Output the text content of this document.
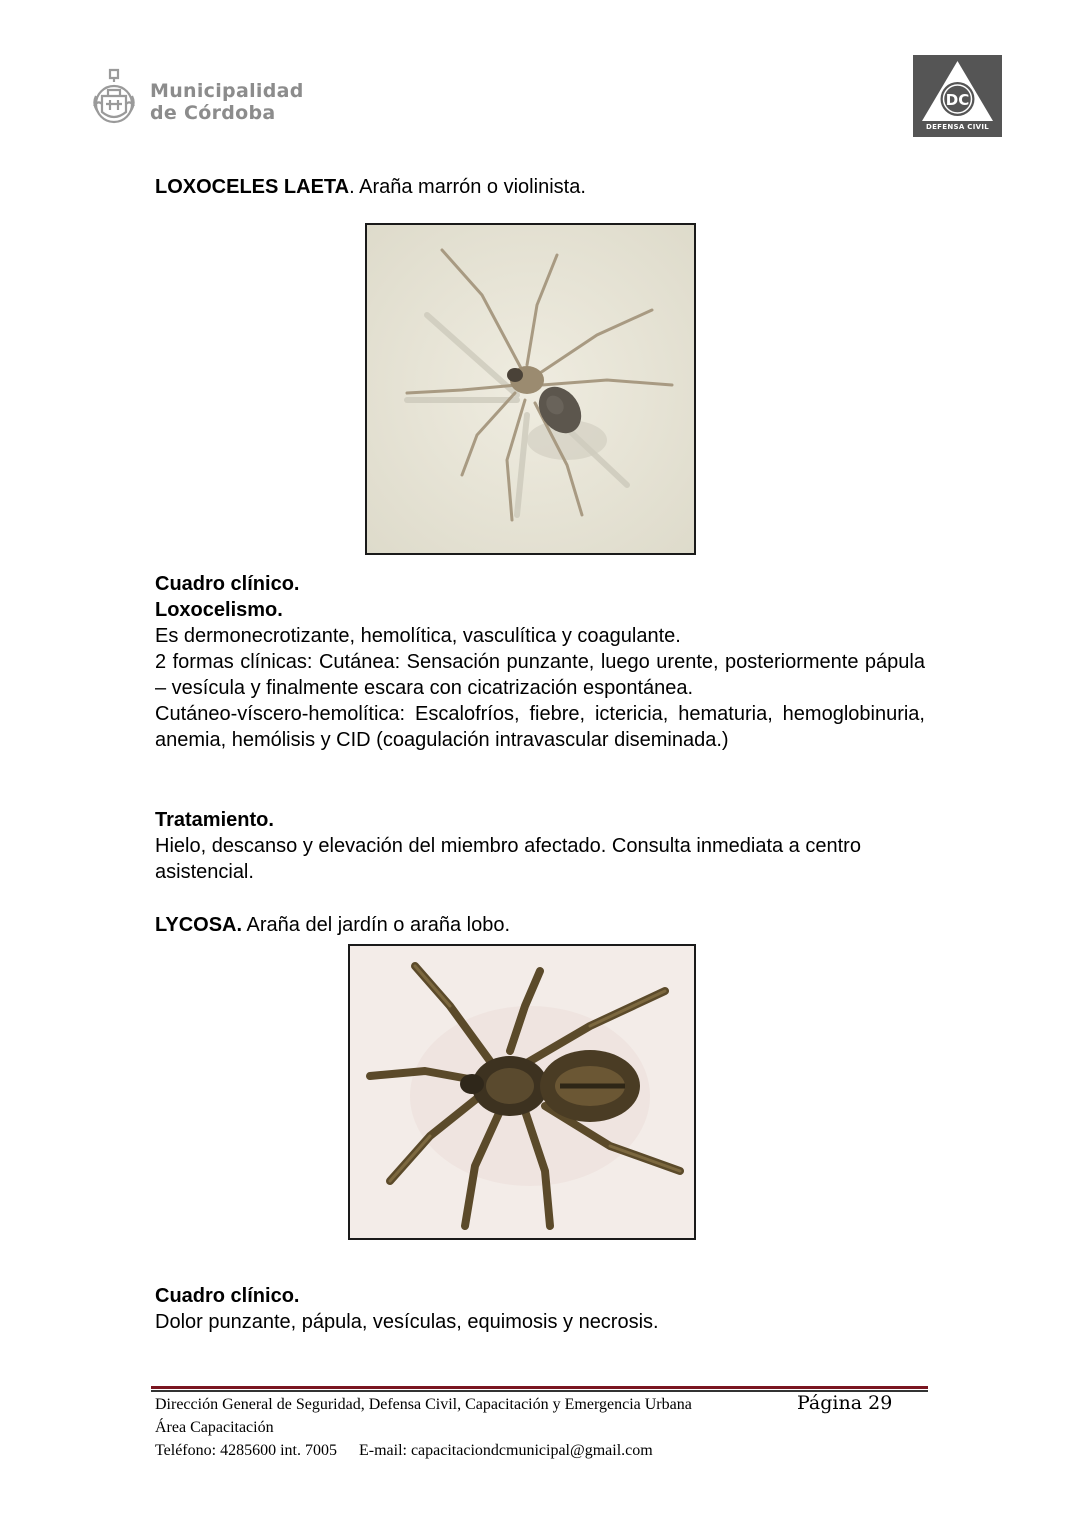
Municipalidad
de Córdoba
DC
DEFENSA CIVIL
LOXOCELES LAETA. Araña marrón o violinista.
Cuadro clínico.
Loxocelismo.
Es dermonecrotizante, hemolítica, vasculítica y coagulante.
2 formas clínicas: Cutánea: Sensación punzante, luego urente, posteriormente pápula – vesícula y finalmente escara con cicatrización espontánea.
Cutáneo-víscero-hemolítica: Escalofríos, fiebre, ictericia, hematuria, hemoglobinuria, anemia, hemólisis y CID (coagulación intravascular diseminada.)
Tratamiento.
Hielo, descanso y elevación del miembro afectado. Consulta inmediata a centro asistencial.
LYCOSA. Araña del jardín o araña lobo.
Cuadro clínico.
Dolor punzante, pápula, vesículas, equimosis y necrosis.
Dirección General de Seguridad, Defensa Civil, Capacitación y Emergencia Urbana	Página 29
Área Capacitación
Teléfono: 4285600 int. 7005 E-mail: capacitaciondcmunicipal@gmail.com
